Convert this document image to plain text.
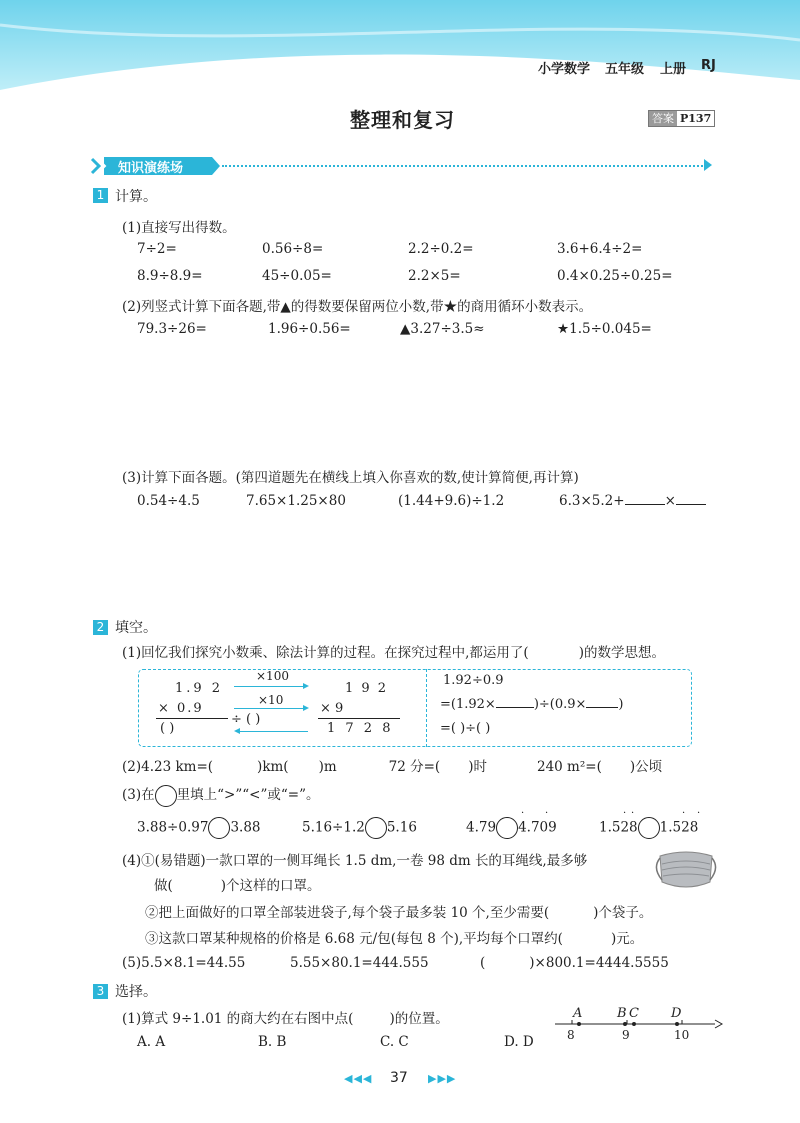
小学数学 五年级 上册 RJ
整理和复习	答案 P137
知识演练场
1 计算。
(1)直接写出得数。
7÷2=	0.56÷8=	2.2÷0.2=	3.6+6.4÷2=
8.9÷8.9=	45÷0.05=	2.2×5=	0.4×0.25÷0.25=
(2)列竖式计算下面各题,带▲的得数要保留两位小数,带★的商用循环小数表示。
79.3÷26=	1.96÷0.56=	▲3.27÷3.5≈	★1.5÷0.045=
(3)计算下面各题。(第四道题先在横线上填入你喜欢的数,使计算简便,再计算)
0.54÷4.5	7.65×1.25×80	(1.44+9.6)÷1.2	6.3×5.2+	×
2 填空。
(1)回忆我们探究小数乘、除法计算的过程。在探究过程中,都运用了(	)的数学思想。
1.9 2
× 0.9
( )
×100
×10
÷ ( )
1 9 2
× 9
1 7 2 8
1.92÷0.9
=(1.92×	)÷(0.9× )
=( )÷( )
(2)4.23 km=(	)km( )m	72 分=( )时	240 m²=( )公顷
(3)在 里填上“>”“<”或“=”。
3.88÷0.97 3.88	5.16÷1.2 5.16	4.79 4.709	1.528 1.528
· ·	· ·	· ·
(4)①(易错题)一款口罩的一侧耳绳长 1.5 dm,一卷 98 dm 长的耳绳线,最多够
做(	)个这样的口罩。
②把上面做好的口罩全部装进袋子,每个袋子最多装 10 个,至少需要(	)个袋子。
③这款口罩某种规格的价格是 6.68 元/包(每包 8 个),平均每个口罩约(	)元。
(5)5.5×8.1=44.55	5.55×80.1=444.555	(	)×800.1=4444.5555
3 选择。
(1)算式 9÷1.01 的商大约在右图中点(	)的位置。
A. A	B. B	C. C	D. D
A	B C D
8	9	10
◀◀◀ 37 ▶▶▶
